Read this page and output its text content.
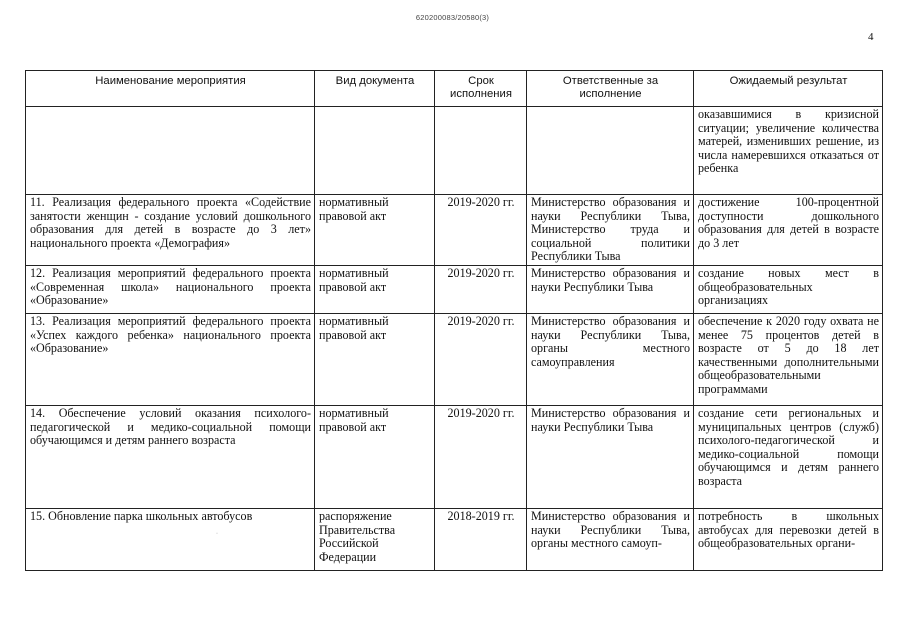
620200083/20580(3)
4
Наименование мероприятия	Вид документа	Срок исполнения	Ответственные за исполнение	Ожидаемый результат
				оказавшимися в кризисной ситуации; увеличение количества матерей, изменивших решение, из числа намеревшихся отказаться от ребенка
11. Реализация федерального проекта «Содействие занятости женщин - создание условий дошкольного образования для детей в возрасте до 3 лет» национального проекта «Демография»	нормативный правовой акт	2019-2020 гг.	Министерство образования и науки Республики Тыва, Министерство труда и социальной политики Республики Тыва	достижение 100-процентной доступности дошкольного образования для детей в возрасте до 3 лет
12. Реализация мероприятий федерального проекта «Современная школа» национального проекта «Образование»	нормативный правовой акт	2019-2020 гг.	Министерство образования и науки Республики Тыва	создание новых мест в общеобразовательных организациях
13. Реализация мероприятий федерального проекта «Успех каждого ребенка» национального проекта «Образование»	нормативный правовой акт	2019-2020 гг.	Министерство образования и науки Республики Тыва, органы местного самоуправления	обеспечение к 2020 году охвата не менее 75 процентов детей в возрасте от 5 до 18 лет качественными дополнительными общеобразовательными программами
14. Обеспечение условий оказания психолого-педагогической и медико-социальной помощи обучающимся и детям раннего возраста	нормативный правовой акт	2019-2020 гг.	Министерство образования и науки Республики Тыва	создание сети региональных и муниципальных центров (служб) психолого-педагогической и медико-социальной помощи обучающимся и детям раннего возраста
15. Обновление парка школьных автобусов	распоряжение Правительства Российской Федерации	2018-2019 гг.	Министерство образования и науки Республики Тыва, органы местного самоуп-	потребность в школьных автобусах для перевозки детей в общеобразовательных органи-
·
